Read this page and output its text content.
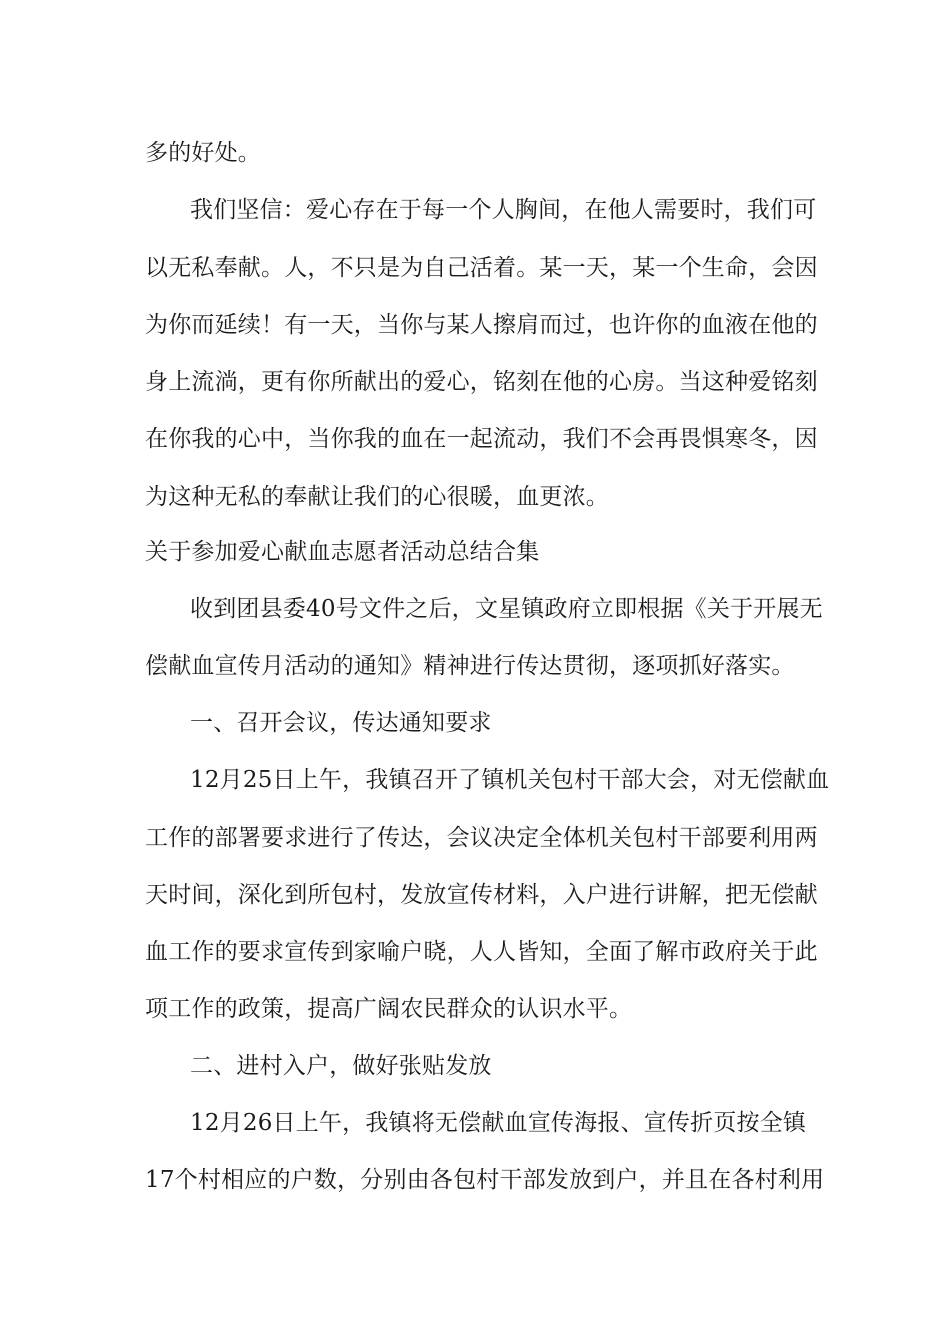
多的好处。
我们坚信：爱心存在于每一个人胸间，在他人需要时，我们可
以无私奉献。人，不只是为自己活着。某一天，某一个生命，会因
为你而延续！有一天，当你与某人擦肩而过，也许你的血液在他的
身上流淌，更有你所献出的爱心，铭刻在他的心房。当这种爱铭刻
在你我的心中，当你我的血在一起流动，我们不会再畏惧寒冬，因
为这种无私的奉献让我们的心很暖，血更浓。
关于参加爱心献血志愿者活动总结合集
收到团县委40号文件之后，文星镇政府立即根据《关于开展无
偿献血宣传月活动的通知》精神进行传达贯彻，逐项抓好落实。
一、召开会议，传达通知要求
12月25日上午，我镇召开了镇机关包村干部大会，对无偿献血
工作的部署要求进行了传达，会议决定全体机关包村干部要利用两
天时间，深化到所包村，发放宣传材料，入户进行讲解，把无偿献
血工作的要求宣传到家喻户晓，人人皆知，全面了解市政府关于此
项工作的政策，提高广阔农民群众的认识水平。
二、进村入户，做好张贴发放
12月26日上午，我镇将无偿献血宣传海报、宣传折页按全镇
17个村相应的户数，分别由各包村干部发放到户，并且在各村利用
